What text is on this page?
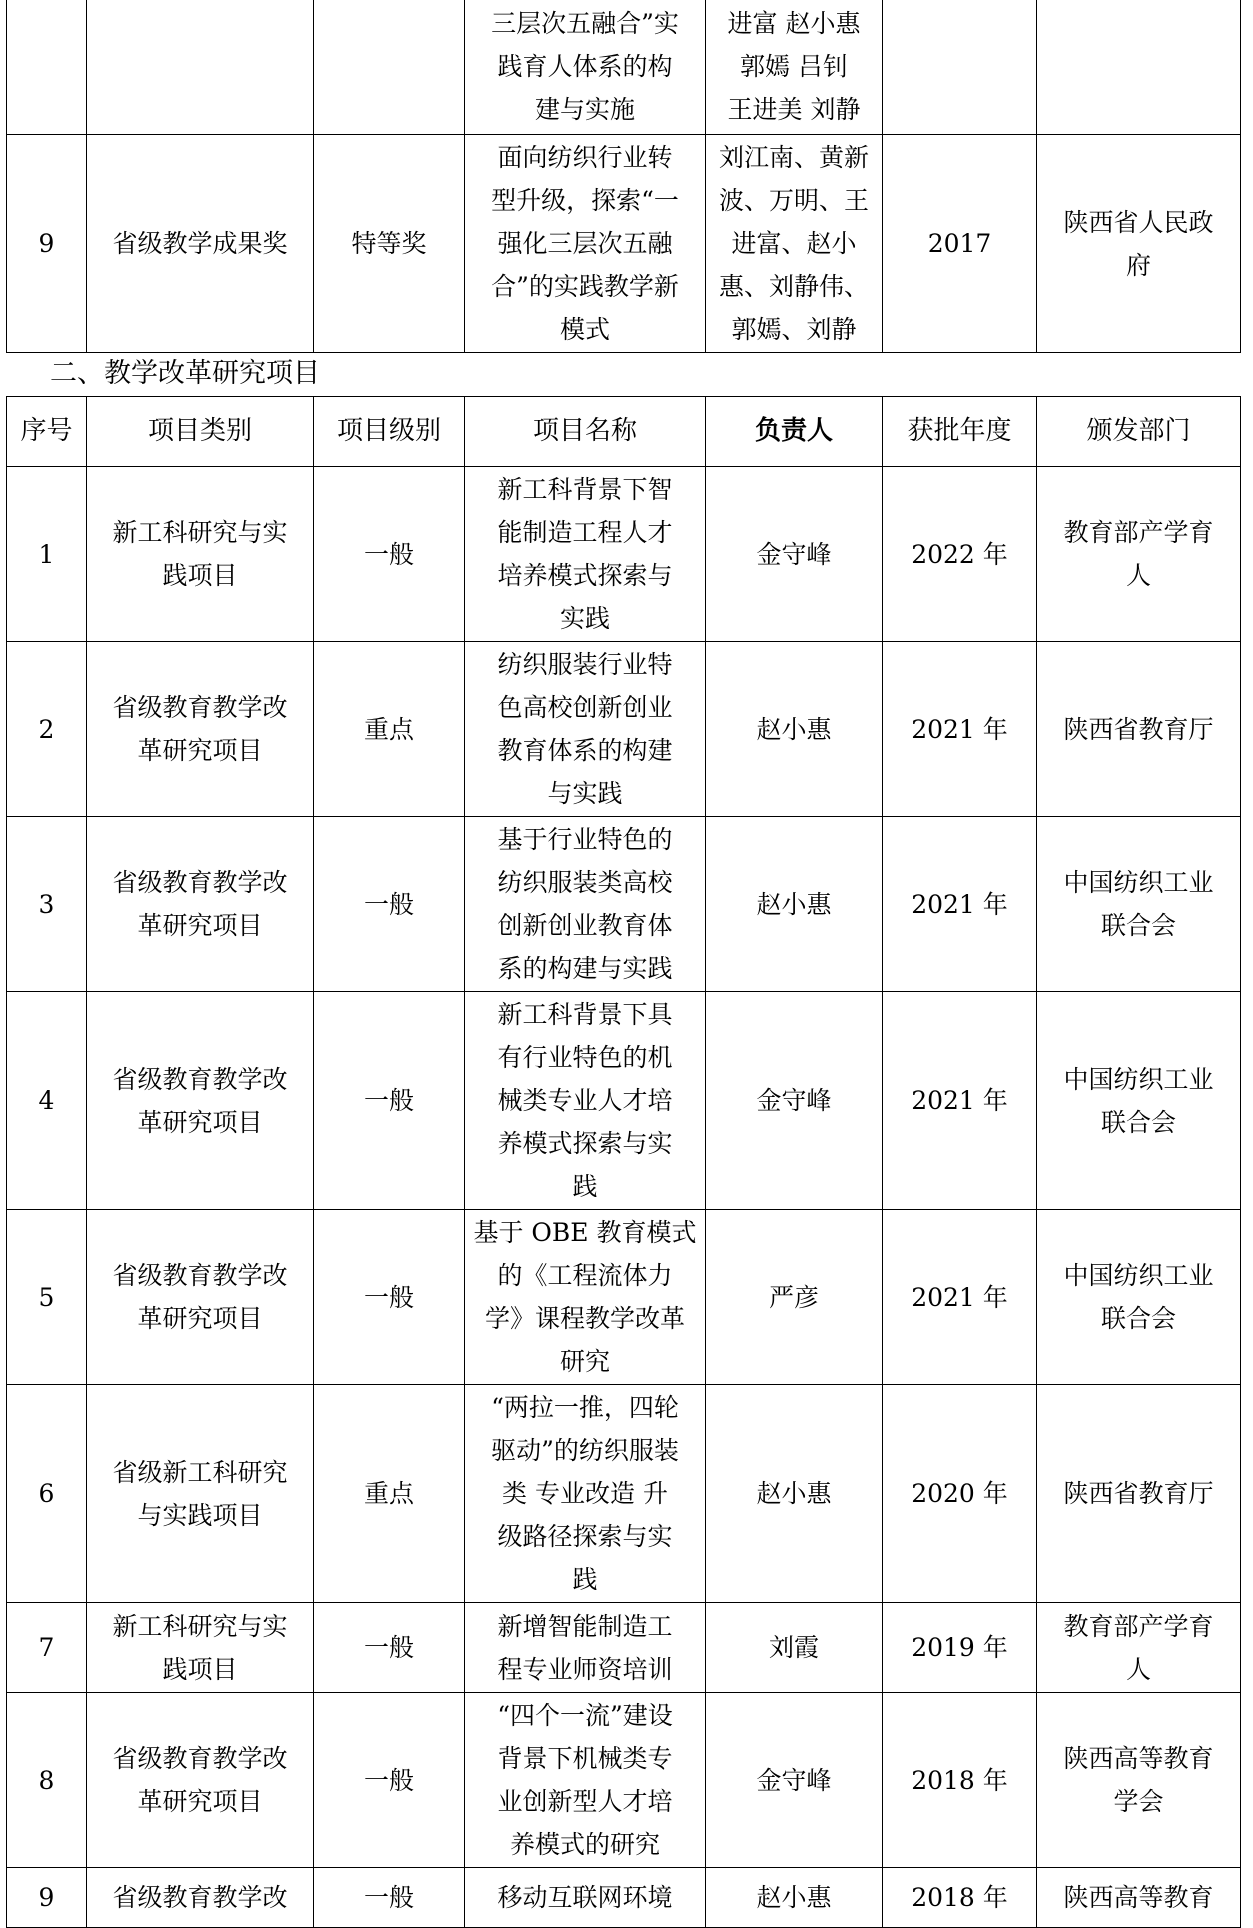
			三层次五融合”实
践育人体系的构
建与实施	进富 赵小惠
郭嫣 吕钊
王进美 刘静		
9	省级教学成果奖	特等奖	面向纺织行业转
型升级，探索“一
强化三层次五融
合”的实践教学新
模式	刘江南、黄新
波、万明、王
进富、赵小
惠、刘静伟、
郭嫣、刘静	2017	陕西省人民政
府
二、教学改革研究项目
序号	项目类别	项目级别	项目名称	负责人	获批年度	颁发部门
1	新工科研究与实
践项目	一般	新工科背景下智
能制造工程人才
培养模式探索与
实践	金守峰	2022 年	教育部产学育
人
2	省级教育教学改
革研究项目	重点	纺织服装行业特
色高校创新创业
教育体系的构建
与实践	赵小惠	2021 年	陕西省教育厅
3	省级教育教学改
革研究项目	一般	基于行业特色的
纺织服装类高校
创新创业教育体
系的构建与实践	赵小惠	2021 年	中国纺织工业
联合会
4	省级教育教学改
革研究项目	一般	新工科背景下具
有行业特色的机
械类专业人才培
养模式探索与实
践	金守峰	2021 年	中国纺织工业
联合会
5	省级教育教学改
革研究项目	一般	基于 OBE 教育模式
的《工程流体力
学》课程教学改革
研究	严彦	2021 年	中国纺织工业
联合会
6	省级新工科研究
与实践项目	重点	“两拉一推，四轮
驱动”的纺织服装
类 专业改造 升
级路径探索与实
践	赵小惠	2020 年	陕西省教育厅
7	新工科研究与实
践项目	一般	新增智能制造工
程专业师资培训	刘霞	2019 年	教育部产学育
人
8	省级教育教学改
革研究项目	一般	“四个一流”建设
背景下机械类专
业创新型人才培
养模式的研究	金守峰	2018 年	陕西高等教育
学会
9	省级教育教学改	一般	移动互联网环境	赵小惠	2018 年	陕西高等教育
